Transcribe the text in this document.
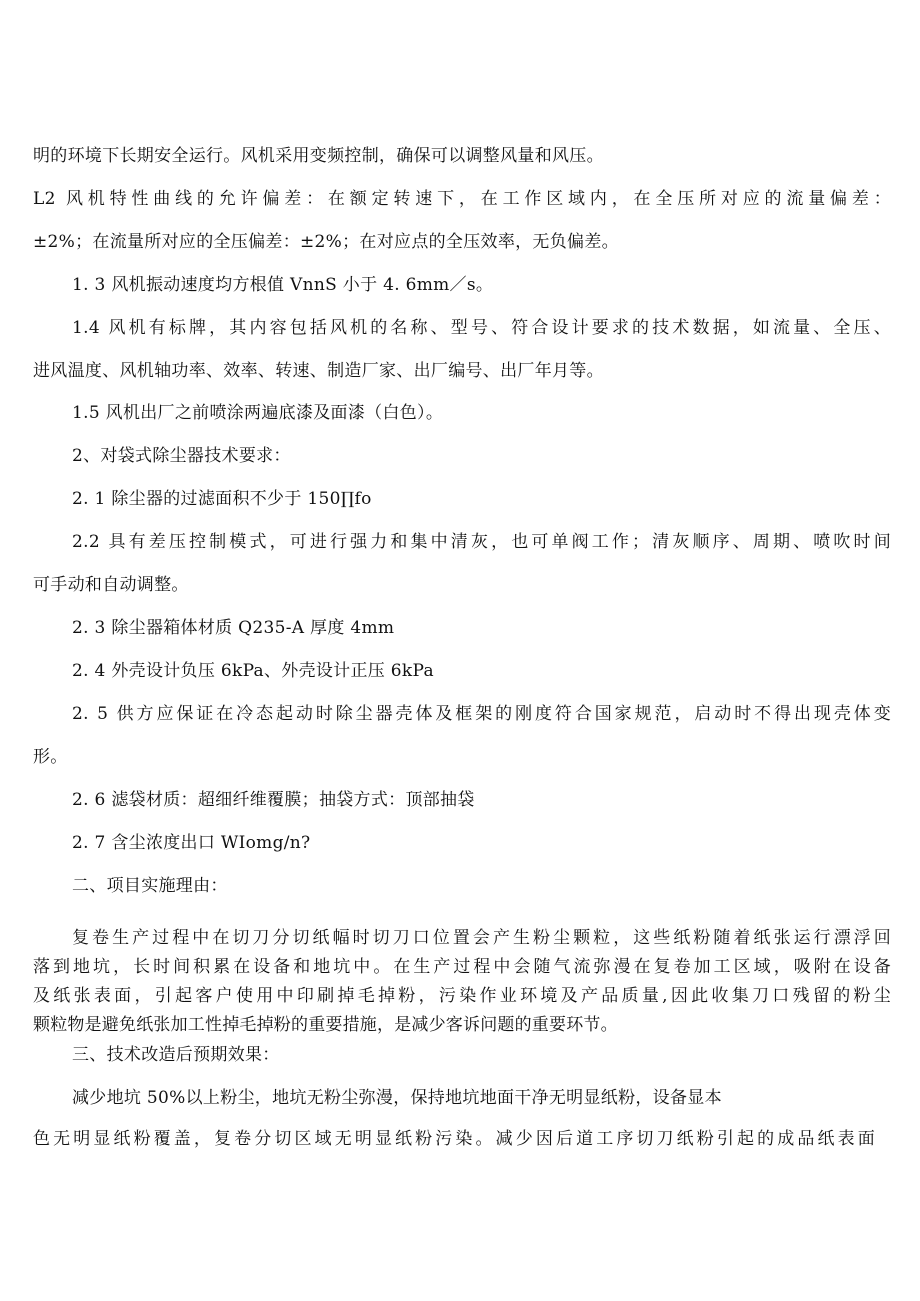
明的环境下长期安全运行。风机采用变频控制，确保可以调整风量和风压。

L2 风机特性曲线的允许偏差：在额定转速下，在工作区域内，在全压所对应的流量偏差：

±2%；在流量所对应的全压偏差：±2%；在对应点的全压效率，无负偏差。

1. 3 风机振动速度均方根值 VnnS 小于 4. 6mm／s。

1.4 风机有标牌，其内容包括风机的名称、型号、符合设计要求的技术数据，如流量、全压、

进风温度、风机轴功率、效率、转速、制造厂家、出厂编号、出厂年月等。

1.5 风机出厂之前喷涂两遍底漆及面漆（白色）。

2、对袋式除尘器技术要求：

2. 1 除尘器的过滤面积不少于 150∏fo

2.2 具有差压控制模式，可进行强力和集中清灰，也可单阀工作；清灰顺序、周期、喷吹时间

可手动和自动调整。

2. 3 除尘器箱体材质 Q235-A 厚度 4mm

2. 4 外壳设计负压 6kPa、外壳设计正压 6kPa

2. 5 供方应保证在冷态起动时除尘器壳体及框架的刚度符合国家规范，启动时不得出现壳体变

形。

2. 6 滤袋材质：超细纤维覆膜；抽袋方式：顶部抽袋

2. 7 含尘浓度出口 WIomg/n?

二、项目实施理由：

复卷生产过程中在切刀分切纸幅时切刀口位置会产生粉尘颗粒，这些纸粉随着纸张运行漂浮回

落到地坑，长时间积累在设备和地坑中。在生产过程中会随气流弥漫在复卷加工区域，吸附在设备

及纸张表面，引起客户使用中印刷掉毛掉粉，污染作业环境及产品质量,因此收集刀口残留的粉尘

颗粒物是避免纸张加工性掉毛掉粉的重要措施，是减少客诉问题的重要环节。

三、技术改造后预期效果：

减少地坑 50%以上粉尘，地坑无粉尘弥漫，保持地坑地面干净无明显纸粉，设备显本

色无明显纸粉覆盖，复卷分切区域无明显纸粉污染。减少因后道工序切刀纸粉引起的成品纸表面
